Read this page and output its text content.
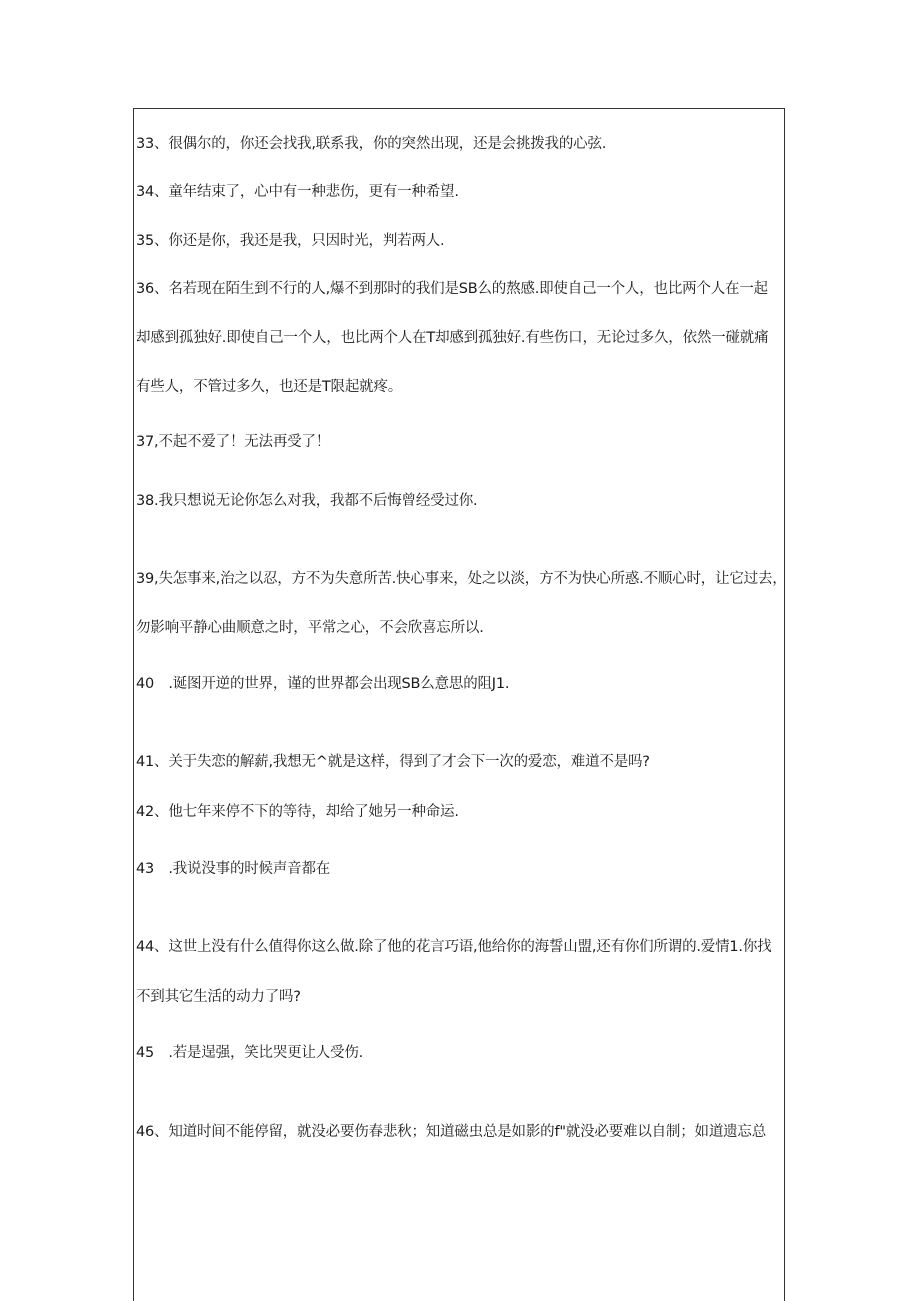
33、很偶尔的，你还会找我,联系我，你的突然出现，还是会挑拨我的心弦.
34、童年结束了，心中有一种悲伤，更有一种希望.
35、你还是你，我还是我，只因时光，判若两人.
36、名若现在陌生到不行的人,爆不到那时的我们是SB么的熬感.即使自己一个人，也比两个人在一起
却感到孤独好.即使自己一个人，也比两个人在T却感到孤独好.有些伤口，无论过多久，依然一碰就痛
有些人，不管过多久，也还是T限起就疼。
37,不起不爱了！无法再受了！
38.我只想说无论你怎么对我，我都不后悔曾经受过你.
39,失怎事来,治之以忍，方不为失意所苦.快心事来，处之以淡，方不为快心所惑.不顺心时，让它过去，
勿影响平静心曲顺意之时，平常之心，不会欣喜忘所以.
40　.诞图开逆的世界，谨的世界都会出现SB么意思的阻J1.
41、关于失恋的解薪,我想无^就是这样，得到了才会下一次的爱恋，难道不是吗?
42、他七年来停不下的等待，却给了她另一种命运.
43　.我说没事的时候声音都在
44、这世上没有什么值得你这么做.除了他的花言巧语,他给你的海誓山盟,还有你们所谓的.爱情1.你找
不到其它生活的动力了吗?
45　.若是逞强，笑比哭更让人受伤.
46、知道时间不能停留，就没必要伤春悲秋；知道磁虫总是如影的f"就没必要难以自制；如道遗忘总
